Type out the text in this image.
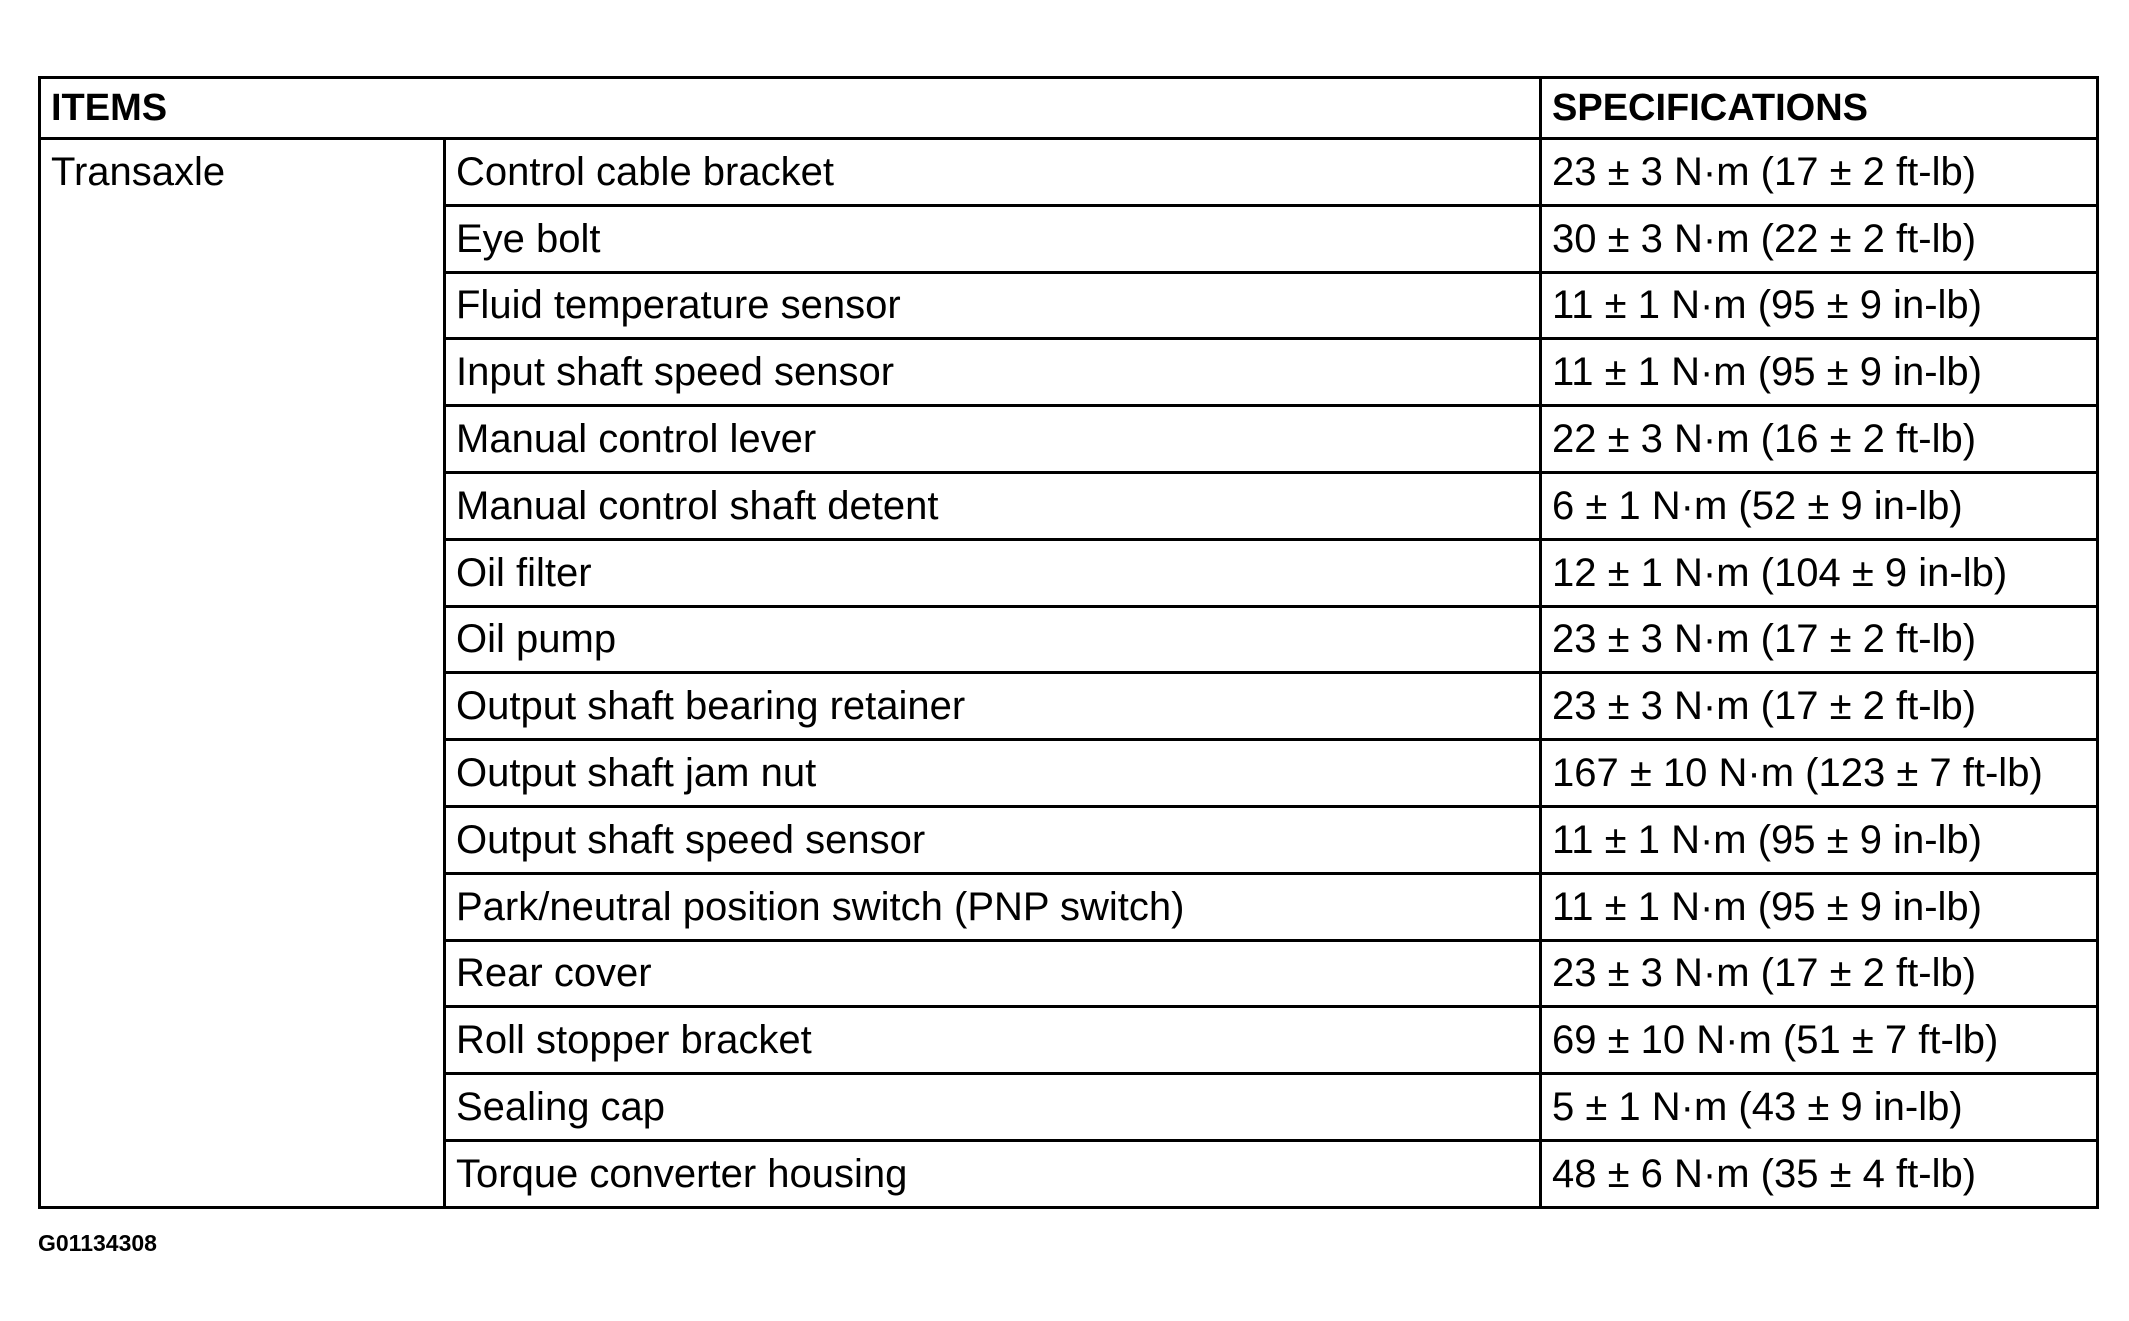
ITEMS		SPECIFICATIONS
Transaxle	Control cable bracket	23 ± 3 N·m (17 ± 2 ft-lb)
	Eye bolt	30 ± 3 N·m (22 ± 2 ft-lb)
	Fluid temperature sensor	11 ± 1 N·m (95 ± 9 in-lb)
	Input shaft speed sensor	11 ± 1 N·m (95 ± 9 in-lb)
	Manual control lever	22 ± 3 N·m (16 ± 2 ft-lb)
	Manual control shaft detent	6 ± 1 N·m (52 ± 9 in-lb)
	Oil filter	12 ± 1 N·m (104 ± 9 in-lb)
	Oil pump	23 ± 3 N·m (17 ± 2 ft-lb)
	Output shaft bearing retainer	23 ± 3 N·m (17 ± 2 ft-lb)
	Output shaft jam nut	167 ± 10 N·m (123 ± 7 ft-lb)
	Output shaft speed sensor	11 ± 1 N·m (95 ± 9 in-lb)
	Park/neutral position switch (PNP switch)	11 ± 1 N·m (95 ± 9 in-lb)
	Rear cover	23 ± 3 N·m (17 ± 2 ft-lb)
	Roll stopper bracket	69 ± 10 N·m (51 ± 7 ft-lb)
	Sealing cap	5 ± 1 N·m (43 ± 9 in-lb)
	Torque converter housing	48 ± 6 N·m (35 ± 4 ft-lb)
G01134308
